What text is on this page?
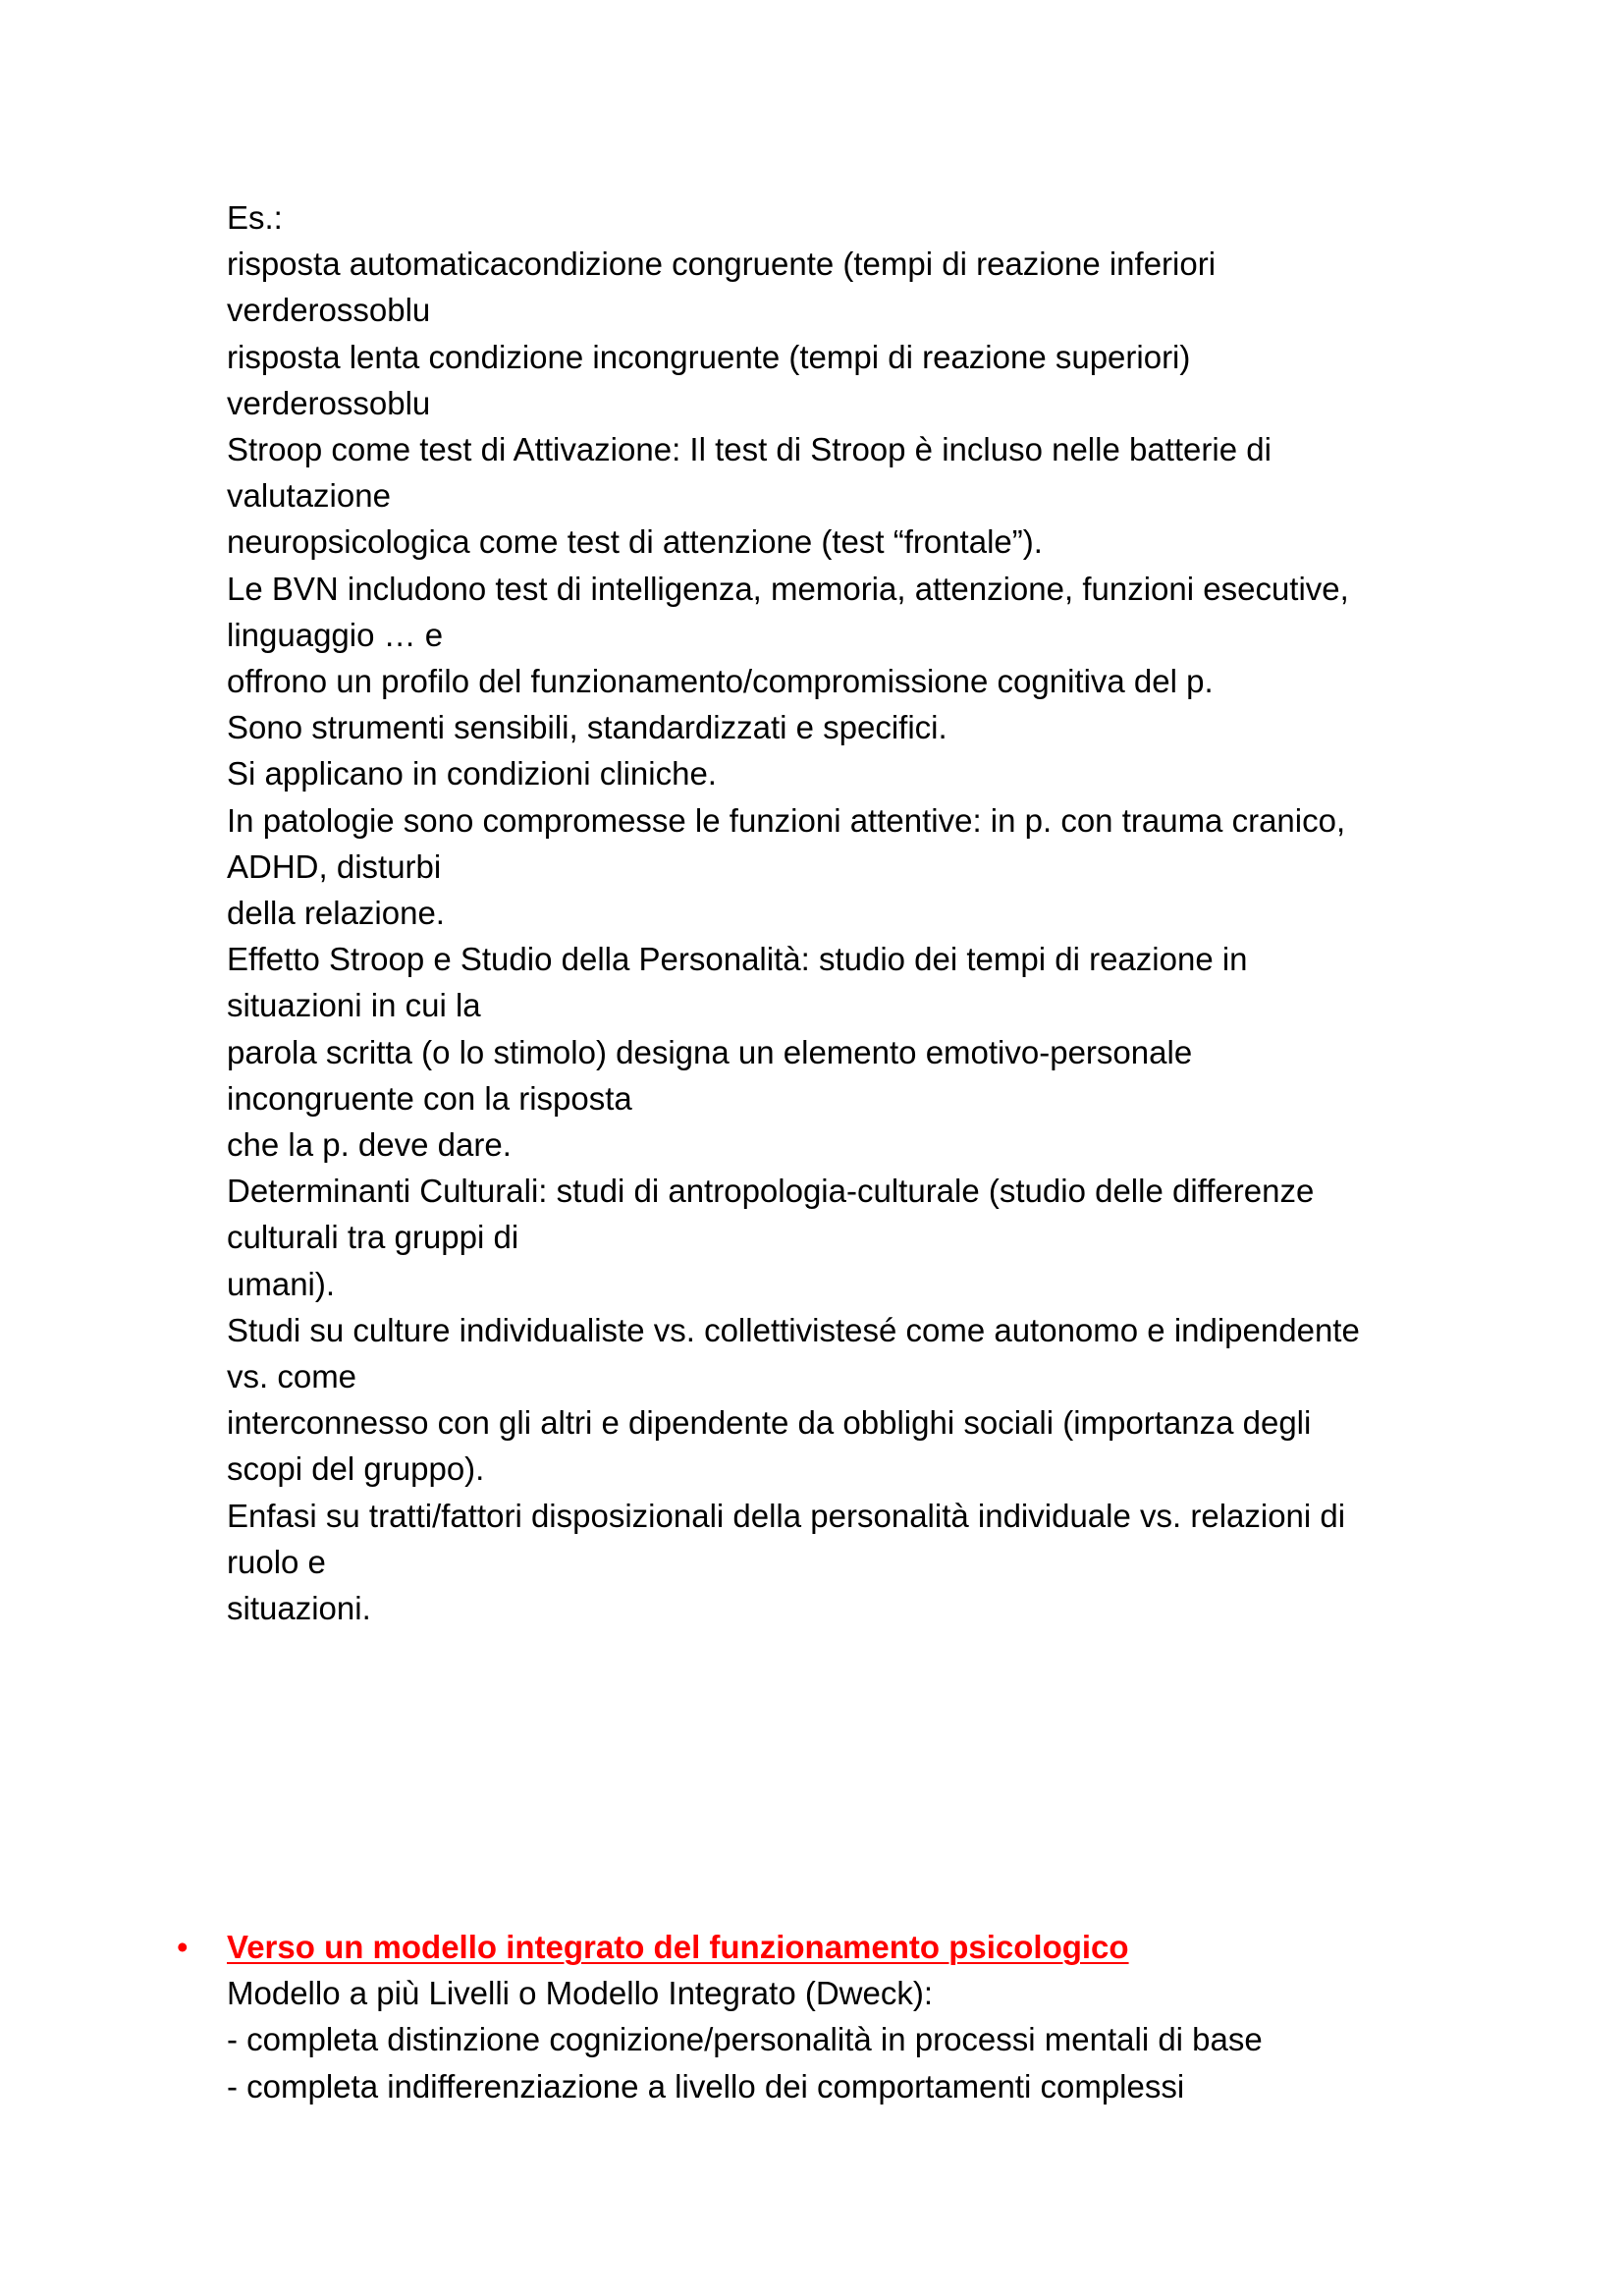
Es.:
risposta automaticacondizione congruente (tempi di reazione inferiori
verderossoblu
risposta lenta condizione incongruente (tempi di reazione superiori)
verderossoblu
Stroop come test di Attivazione: Il test di Stroop è incluso nelle batterie di
valutazione
neuropsicologica come test di attenzione (test “frontale”).
Le BVN includono test di intelligenza, memoria, attenzione, funzioni esecutive,
linguaggio … e
offrono un profilo del funzionamento/compromissione cognitiva del p.
Sono strumenti sensibili, standardizzati e specifici.
Si applicano in condizioni cliniche.
In patologie sono compromesse le funzioni attentive: in p. con trauma cranico,
ADHD, disturbi
della relazione.
Effetto Stroop e Studio della Personalità: studio dei tempi di reazione in
situazioni in cui la
parola scritta (o lo stimolo) designa un elemento emotivo-personale
incongruente con la risposta
che la p. deve dare.
Determinanti Culturali: studi di antropologia-culturale (studio delle differenze
culturali tra gruppi di
umani).
Studi su culture individualiste vs. collettivistesé come autonomo e indipendente
vs. come
interconnesso con gli altri e dipendente da obblighi sociali (importanza degli
scopi del gruppo).
Enfasi su tratti/fattori disposizionali della personalità individuale vs. relazioni di
ruolo e
situazioni.
•	Verso un modello integrato del funzionamento psicologico
Modello a più Livelli o Modello Integrato (Dweck):
- completa distinzione cognizione/personalità in processi mentali di base
- completa indifferenziazione a livello dei comportamenti complessi
